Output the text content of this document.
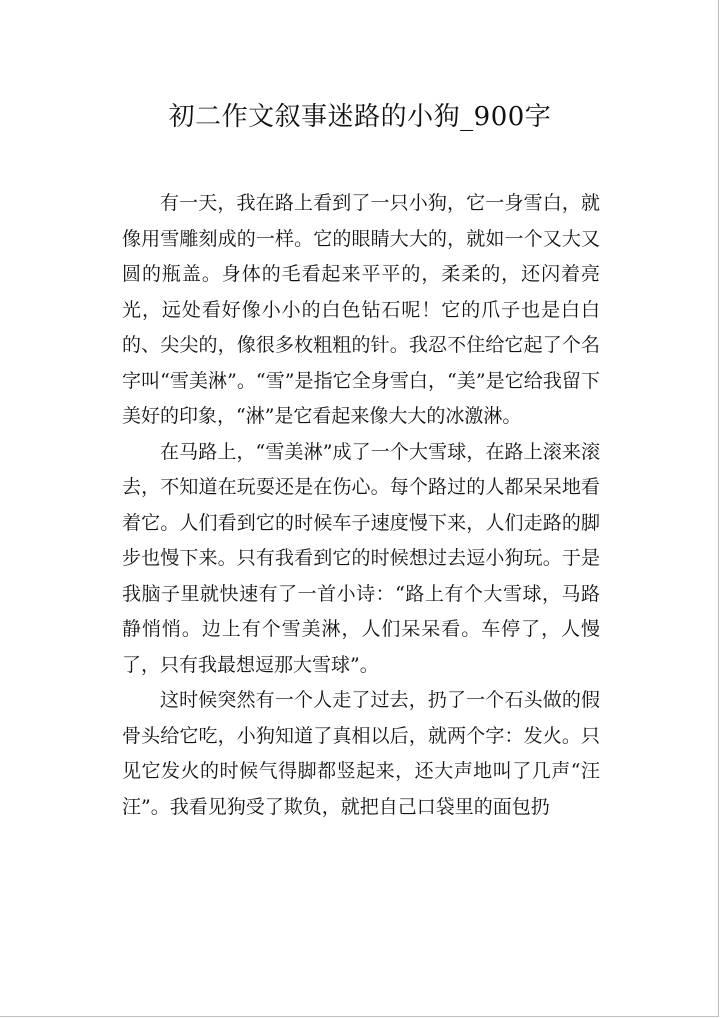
初二作文叙事迷路的小狗_900字

有一天，我在路上看到了一只小狗，它一身雪白，就像用雪雕刻成的一样。它的眼睛大大的，就如一个又大又圆的瓶盖。身体的毛看起来平平的，柔柔的，还闪着亮光，远处看好像小小的白色钻石呢！它的爪子也是白白的、尖尖的，像很多枚粗粗的针。我忍不住给它起了个名字叫“雪美淋”。“雪”是指它全身雪白，“美”是它给我留下美好的印象，“淋”是它看起来像大大的冰激淋。

在马路上，“雪美淋”成了一个大雪球，在路上滚来滚去，不知道在玩耍还是在伤心。每个路过的人都呆呆地看着它。人们看到它的时候车子速度慢下来，人们走路的脚步也慢下来。只有我看到它的时候想过去逗小狗玩。于是我脑子里就快速有了一首小诗：“路上有个大雪球，马路静悄悄。边上有个雪美淋，人们呆呆看。车停了，人慢了，只有我最想逗那大雪球”。

这时候突然有一个人走了过去，扔了一个石头做的假骨头给它吃，小狗知道了真相以后，就两个字：发火。只见它发火的时候气得脚都竖起来，还大声地叫了几声“汪汪”。我看见狗受了欺负，就把自己口袋里的面包扔
